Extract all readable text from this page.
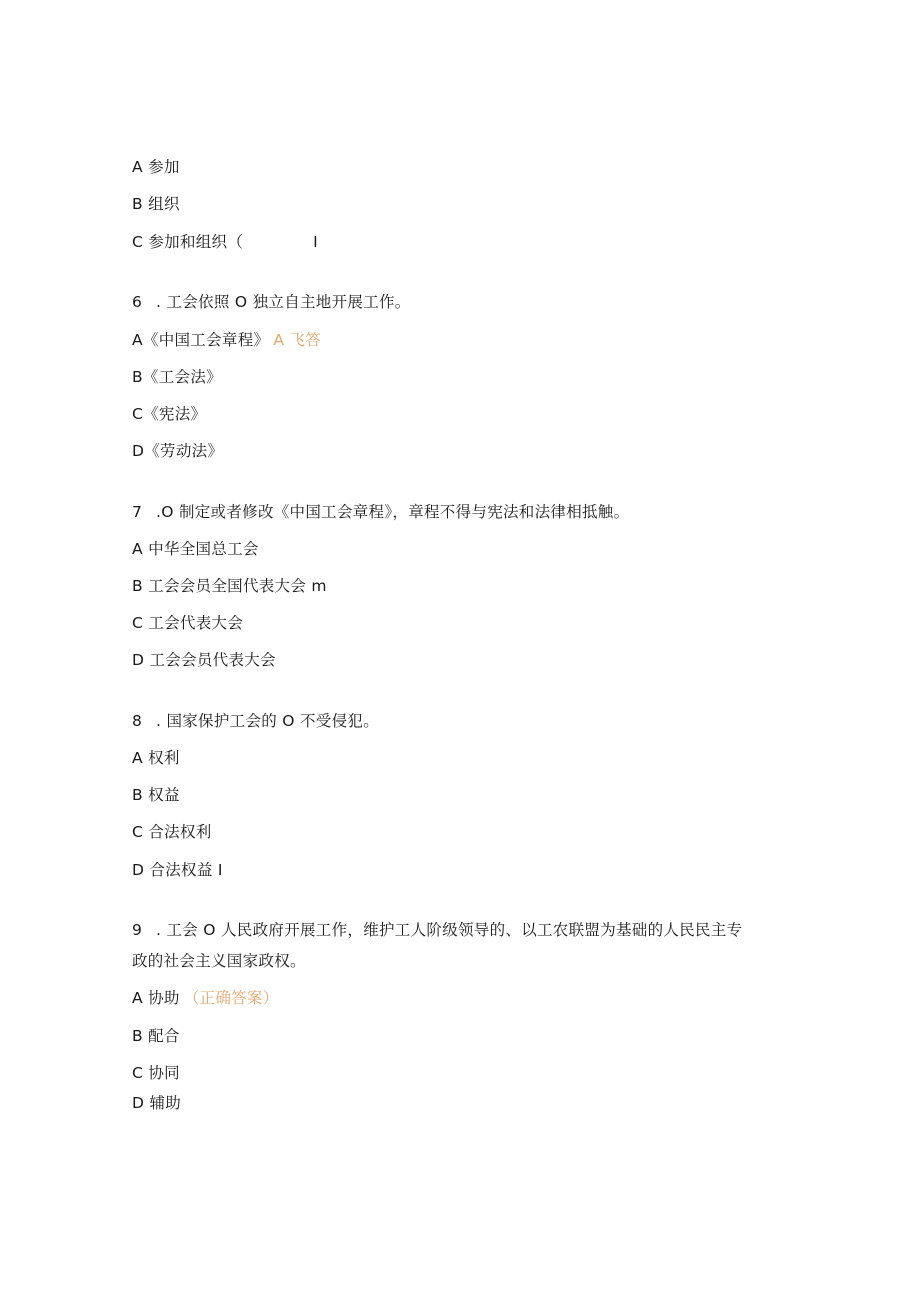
A 参加
B 组织
C 参加和组织（	I
6 . 工会依照 O 独立自主地开展工作。
A《中国工会章程》 A 飞答
B《工会法》
C《宪法》
D《劳动法》
7 .O 制定或者修改《中国工会章程》，章程不得与宪法和法律相抵触。
A 中华全国总工会
B 工会会员全国代表大会 m
C 工会代表大会
D 工会会员代表大会
8 . 国家保护工会的 O 不受侵犯。
A 权利
B 权益
C 合法权利
D 合法权益 I
9 . 工会 O 人民政府开展工作，维护工人阶级领导的、以工农联盟为基础的人民民主专
政的社会主义国家政权。
A 协助 （正确答案）
B 配合
C 协同
D 辅助
